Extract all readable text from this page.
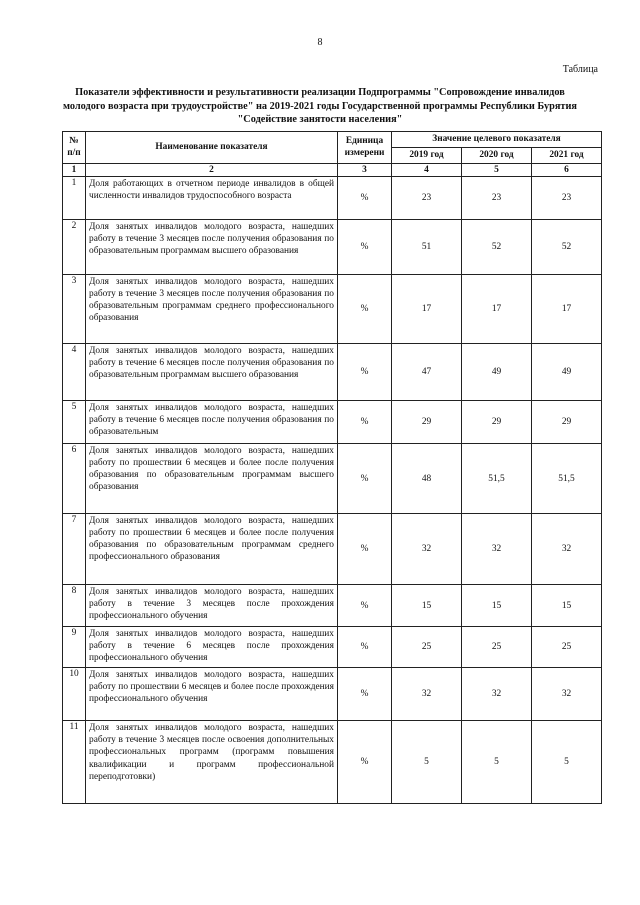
8
Таблица
Показатели эффективности и результативности реализации Подпрограммы "Сопровождение инвалидов молодого возраста при трудоустройстве" на 2019-2021 годы Государственной программы Республики Бурятия "Содействие занятости населения"
№ п/п	Наименование показателя	Единица измерени	Значение целевого показателя		
			2019 год	2020 год	2021 год
1	2	3	4	5	6
1	Доля работающих в отчетном периоде инвалидов в общей численности инвалидов трудоспособного возраста	%	23	23	23
2	Доля занятых инвалидов молодого возраста, нашедших работу в течение 3 месяцев после получения образования по образовательным программам высшего образования	%	51	52	52
3	Доля занятых инвалидов молодого возраста, нашедших работу в течение 3 месяцев после получения образования по образовательным программам среднего профессионального образования	%	17	17	17
4	Доля занятых инвалидов молодого возраста, нашедших работу в течение 6 месяцев после получения образования по образовательным программам высшего образования	%	47	49	49
5	Доля занятых инвалидов молодого возраста, нашедших работу в течение 6 месяцев после получения образования по образовательным	%	29	29	29
6	Доля занятых инвалидов молодого возраста, нашедших работу по прошествии 6 месяцев и более после получения образования по образовательным программам высшего образования	%	48	51,5	51,5
7	Доля занятых инвалидов молодого возраста, нашедших работу по прошествии 6 месяцев и более после получения образования по образовательным программам среднего профессионального образования	%	32	32	32
8	Доля занятых инвалидов молодого возраста, нашедших работу в течение 3 месяцев после прохождения профессионального обучения	%	15	15	15
9	Доля занятых инвалидов молодого возраста, нашедших работу в течение 6 месяцев после прохождения профессионального обучения	%	25	25	25
10	Доля занятых инвалидов молодого возраста, нашедших работу по прошествии 6 месяцев и более после прохождения профессионального обучения	%	32	32	32
11	Доля занятых инвалидов молодого возраста, нашедших работу в течение 3 месяцев после освоения дополнительных профессиональных программ (программ повышения квалификации и программ профессиональной переподготовки)	%	5	5	5
